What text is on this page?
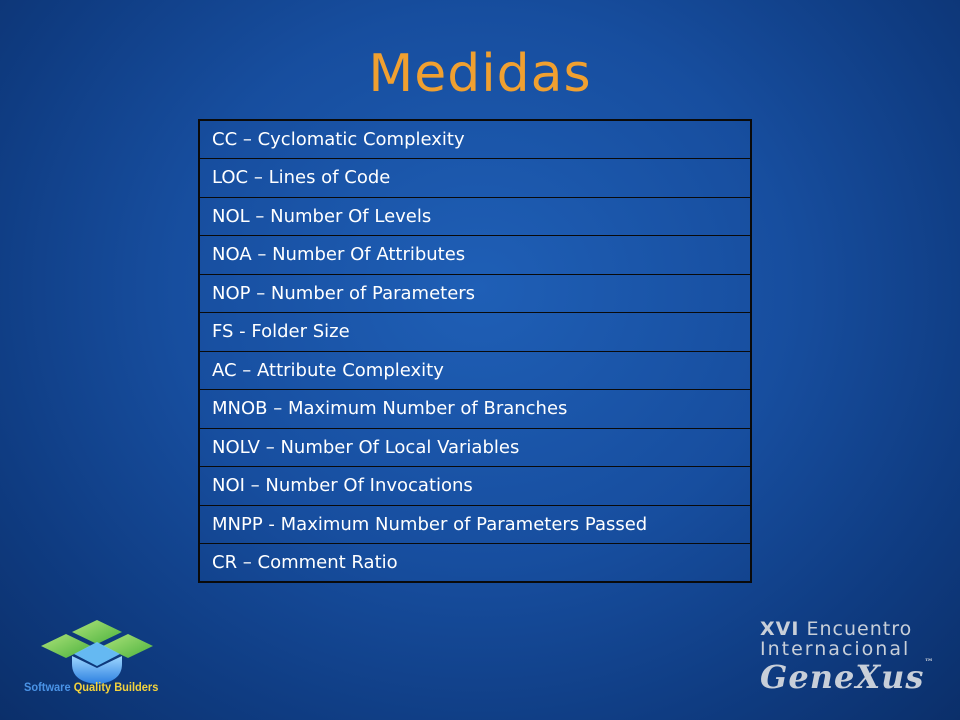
Medidas
CC – Cyclomatic Complexity
LOC – Lines of Code
NOL – Number Of Levels
NOA – Number Of Attributes
NOP – Number of Parameters
FS - Folder Size
AC – Attribute Complexity
MNOB – Maximum Number of Branches
NOLV – Number Of Local Variables
NOI – Number Of Invocations
MNPP - Maximum Number of Parameters Passed
CR – Comment Ratio
Software Quality Builders
XVI Encuentro
Internacional
GeneXus™
